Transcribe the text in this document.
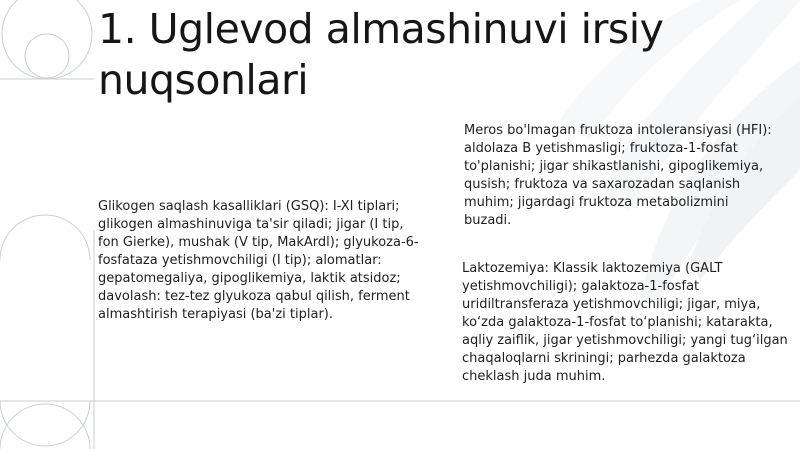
1. Uglevod almashinuvi irsiy nuqsonlari

Glikogen saqlash kasalliklari (GSQ): I-XI tiplari; glikogen almashinuviga ta'sir qiladi; jigar (I tip, fon Gierke), mushak (V tip, MakArdl); glyukoza-6-fosfataza yetishmovchiligi (I tip); alomatlar: gepatomegaliya, gipoglikemiya, laktik atsidoz; davolash: tez-tez glyukoza qabul qilish, ferment almashtirish terapiyasi (ba'zi tiplar).

Meros bo'lmagan fruktoza intoleransiyasi (HFI): aldolaza B yetishmasligi; fruktoza-1-fosfat to'planishi; jigar shikastlanishi, gipoglikemiya, qusish; fruktoza va saxarozadan saqlanish muhim; jigardagi fruktoza metabolizmini buzadi.

Laktozemiya: Klassik laktozemiya (GALT yetishmovchiligi); galaktoza-1-fosfat uridiltransferaza yetishmovchiligi; jigar, miya, ko‘zda galaktoza-1-fosfat to‘planishi; katarakta, aqliy zaiflik, jigar yetishmovchiligi; yangi tug‘ilgan chaqaloqlarni skriningi; parhezda galaktoza cheklash juda muhim.
